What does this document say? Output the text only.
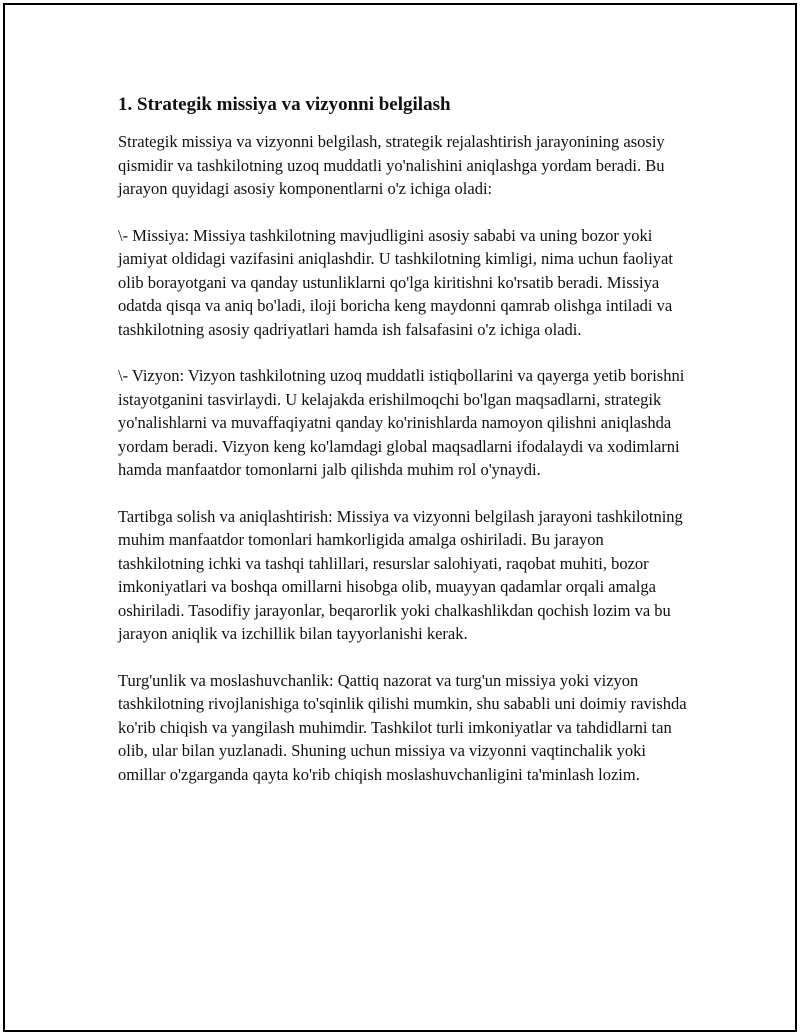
1. Strategik missiya va vizyonni belgilash

Strategik missiya va vizyonni belgilash, strategik rejalashtirish jarayonining asosiy qismidir va tashkilotning uzoq muddatli yo'nalishini aniqlashga yordam beradi. Bu jarayon quyidagi asosiy komponentlarni o'z ichiga oladi:

\- Missiya: Missiya tashkilotning mavjudligini asosiy sababi va uning bozor yoki jamiyat oldidagi vazifasini aniqlashdir. U tashkilotning kimligi, nima uchun faoliyat olib borayotgani va qanday ustunliklarni qo'lga kiritishni ko'rsatib beradi. Missiya odatda qisqa va aniq bo'ladi, iloji boricha keng maydonni qamrab olishga intiladi va tashkilotning asosiy qadriyatlari hamda ish falsafasini o'z ichiga oladi.

\- Vizyon: Vizyon tashkilotning uzoq muddatli istiqbollarini va qayerga yetib borishni istayotganini tasvirlaydi. U kelajakda erishilmoqchi bo'lgan maqsadlarni, strategik yo'nalishlarni va muvaffaqiyatni qanday ko'rinishlarda namoyon qilishni aniqlashda yordam beradi. Vizyon keng ko'lamdagi global maqsadlarni ifodalaydi va xodimlarni hamda manfaatdor tomonlarni jalb qilishda muhim rol o'ynaydi.

Tartibga solish va aniqlashtirish: Missiya va vizyonni belgilash jarayoni tashkilotning muhim manfaatdor tomonlari hamkorligida amalga oshiriladi. Bu jarayon tashkilotning ichki va tashqi tahlillari, resurslar salohiyati, raqobat muhiti, bozor imkoniyatlari va boshqa omillarni hisobga olib, muayyan qadamlar orqali amalga oshiriladi. Tasodifiy jarayonlar, beqarorlik yoki chalkashlikdan qochish lozim va bu jarayon aniqlik va izchillik bilan tayyorlanishi kerak.

Turg'unlik va moslashuvchanlik: Qattiq nazorat va turg'un missiya yoki vizyon tashkilotning rivojlanishiga to'sqinlik qilishi mumkin, shu sababli uni doimiy ravishda ko'rib chiqish va yangilash muhimdir. Tashkilot turli imkoniyatlar va tahdidlarni tan olib, ular bilan yuzlanadi. Shuning uchun missiya va vizyonni vaqtinchalik yoki omillar o'zgarganda qayta ko'rib chiqish moslashuvchanligini ta'minlash lozim.
